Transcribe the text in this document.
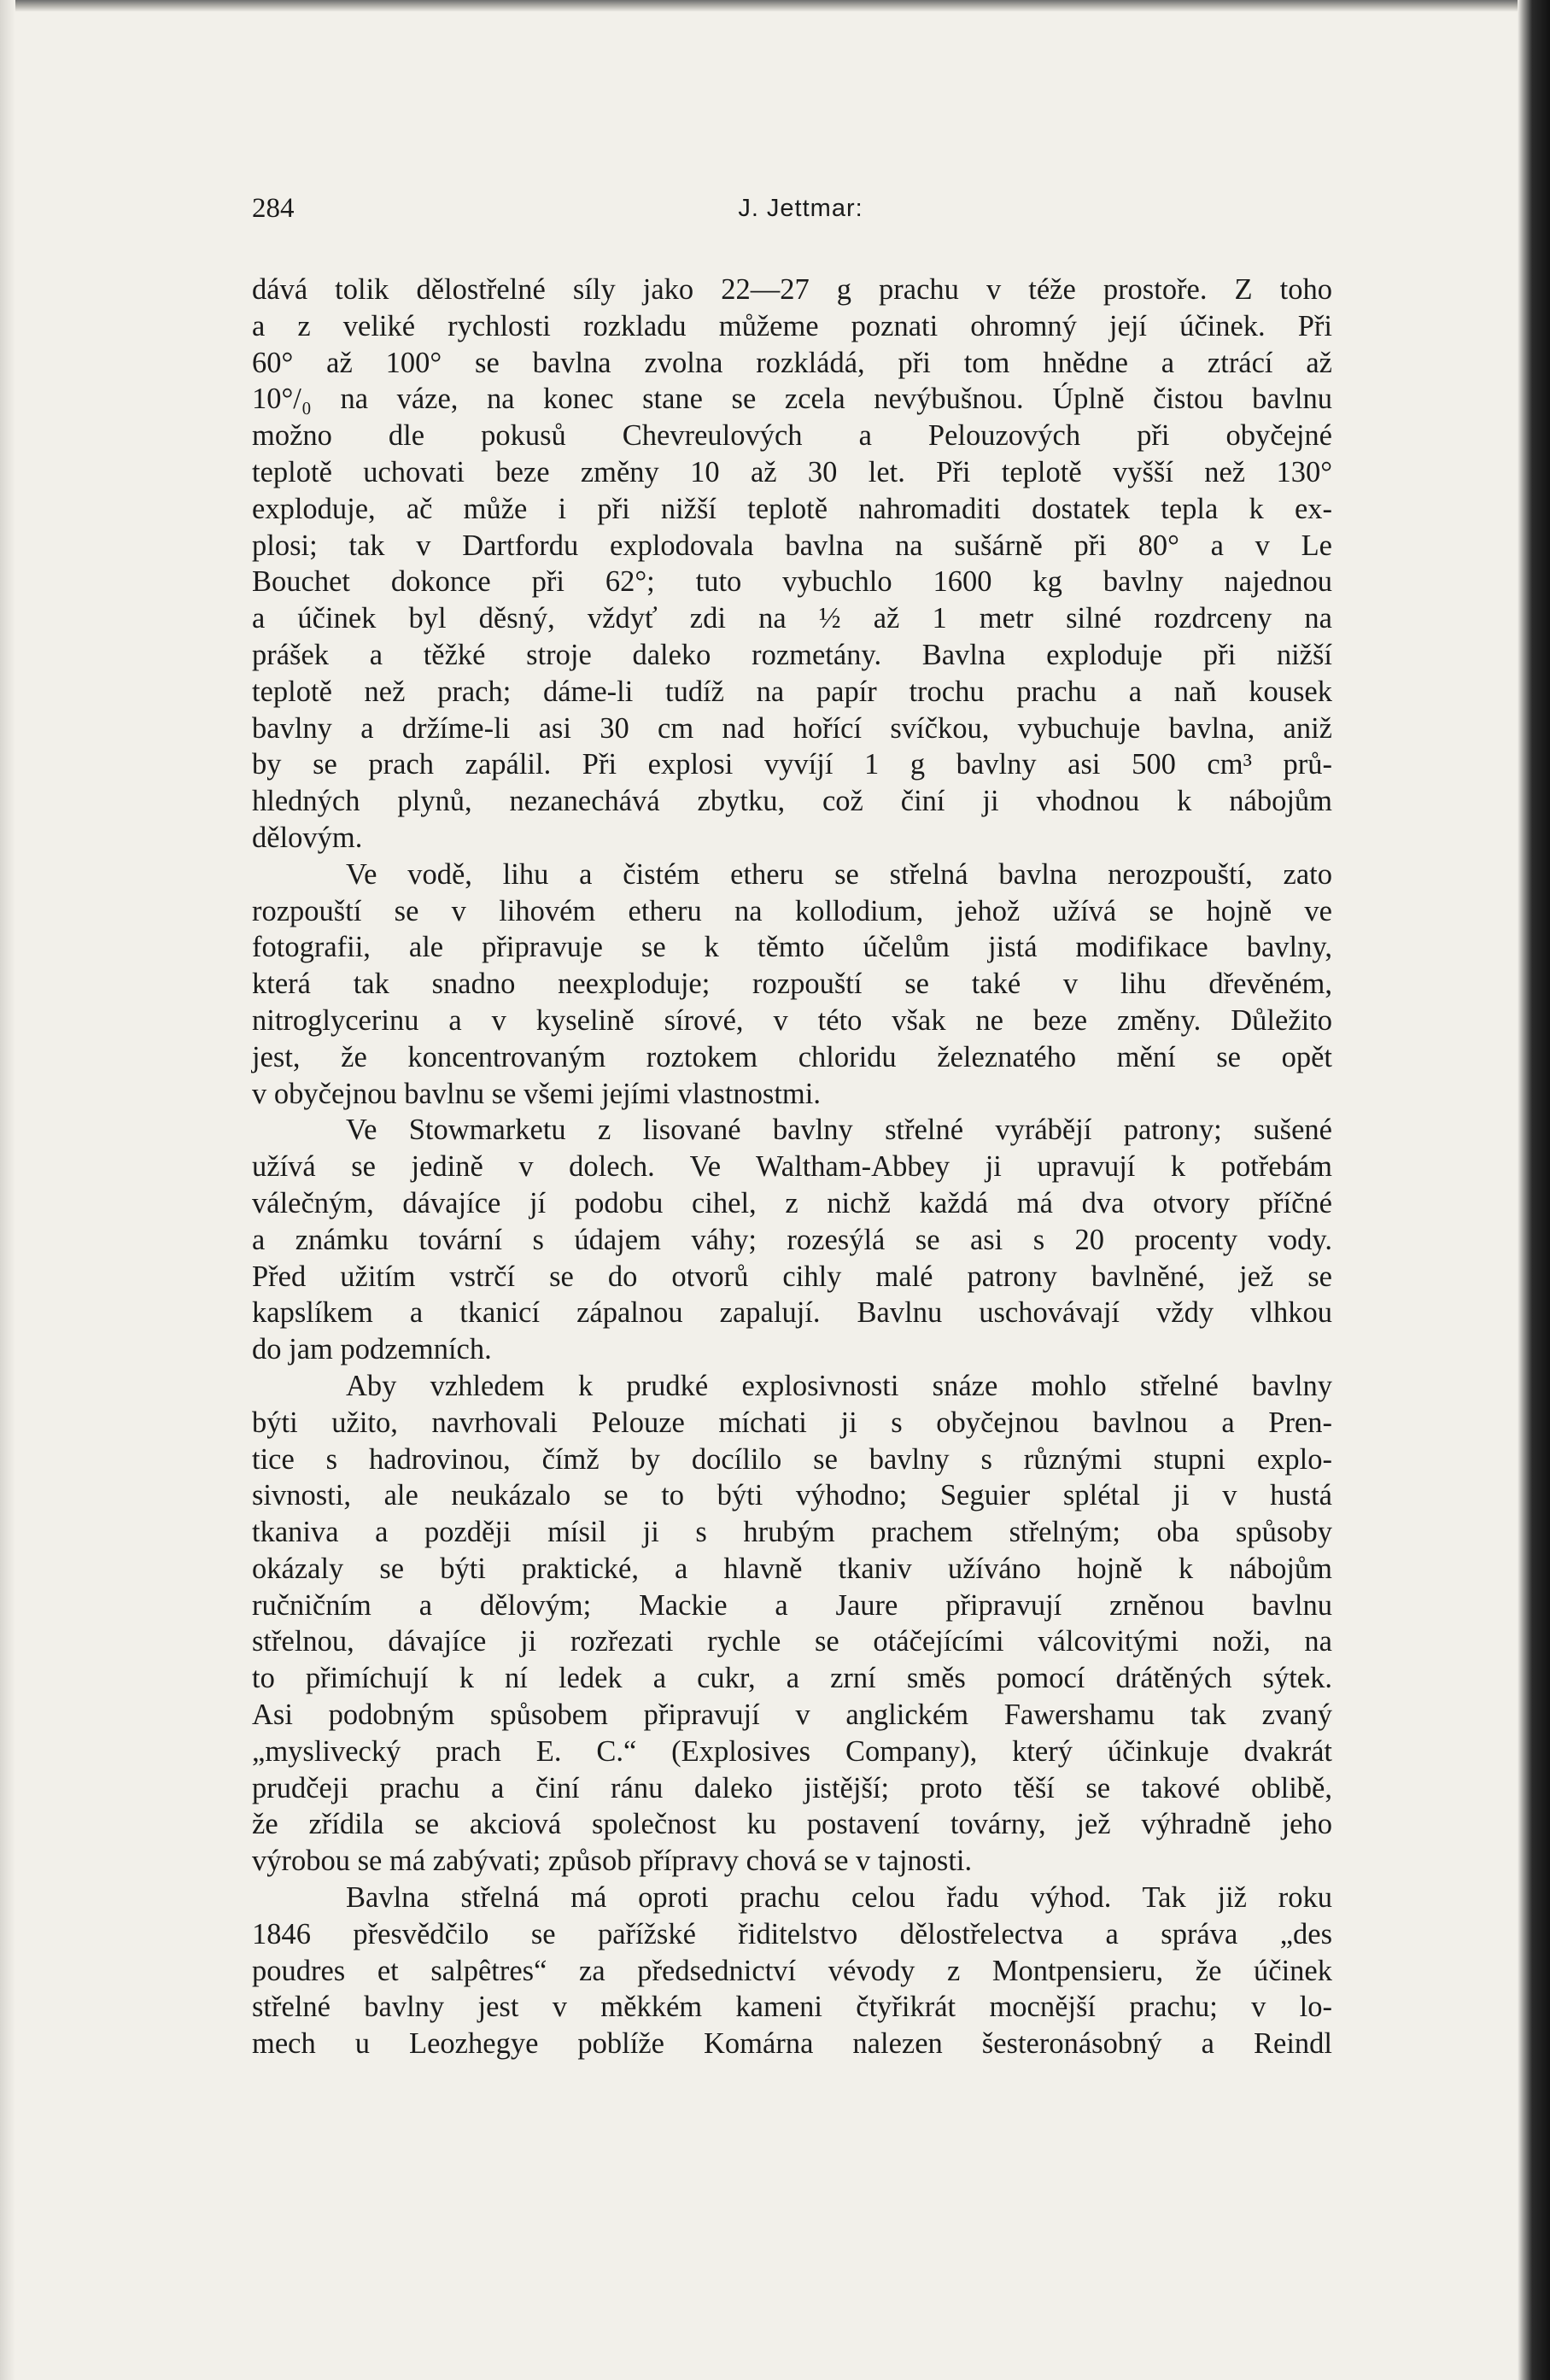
284	J. Jettmar:

dává tolik dělostřelné síly jako 22—27 g prachu v téže prostoře. Z toho
a z veliké rychlosti rozkladu můžeme poznati ohromný její účinek. Při
60° až 100° se bavlna zvolna rozkládá, při tom hnědne a ztrácí až
10°/₀ na váze, na konec stane se zcela nevýbušnou. Úplně čistou bavlnu
možno dle pokusů Chevreulových a Pelouzových při obyčejné
teplotě uchovati beze změny 10 až 30 let. Při teplotě vyšší než 130°
exploduje, ač může i při nižší teplotě nahromaditi dostatek tepla k ex-
plosi; tak v Dartfordu explodovala bavlna na sušárně při 80° a v Le
Bouchet dokonce při 62°; tuto vybuchlo 1600 kg bavlny najednou
a účinek byl děsný, vždyť zdi na ½ až 1 metr silné rozdrceny na
prášek a těžké stroje daleko rozmetány. Bavlna exploduje při nižší
teplotě než prach; dáme-li tudíž na papír trochu prachu a naň kousek
bavlny a držíme-li asi 30 cm nad hořící svíčkou, vybuchuje bavlna, aniž
by se prach zapálil. Při explosi vyvíjí 1 g bavlny asi 500 cm³ prů-
hledných plynů, nezanechává zbytku, což činí ji vhodnou k nábojům
dělovým.

Ve vodě, lihu a čistém etheru se střelná bavlna nerozpouští, zato
rozpouští se v lihovém etheru na kollodium, jehož užívá se hojně ve
fotografii, ale připravuje se k těmto účelům jistá modifikace bavlny,
která tak snadno neexploduje; rozpouští se také v lihu dřevěném,
nitroglycerinu a v kyselině sírové, v této však ne beze změny. Důležito
jest, že koncentrovaným roztokem chloridu železnatého mění se opět
v obyčejnou bavlnu se všemi jejími vlastnostmi.

Ve Stowmarketu z lisované bavlny střelné vyrábějí patrony; sušené
užívá se jedině v dolech. Ve Waltham-Abbey ji upravují k potřebám
válečným, dávajíce jí podobu cihel, z nichž každá má dva otvory příčné
a známku tovární s údajem váhy; rozesýlá se asi s 20 procenty vody.
Před užitím vstrčí se do otvorů cihly malé patrony bavlněné, jež se
kapslíkem a tkanicí zápalnou zapalují. Bavlnu uschovávají vždy vlhkou
do jam podzemních.

Aby vzhledem k prudké explosivnosti snáze mohlo střelné bavlny
býti užito, navrhovali Pelouze míchati ji s obyčejnou bavlnou a Pren-
tice s hadrovinou, čímž by docílilo se bavlny s různými stupni explo-
sivnosti, ale neukázalo se to býti výhodno; Seguier splétal ji v hustá
tkaniva a později mísil ji s hrubým prachem střelným; oba spůsoby
okázaly se býti praktické, a hlavně tkaniv užíváno hojně k nábojům
ručničním a dělovým; Mackie a Jaure připravují zrněnou bavlnu
střelnou, dávajíce ji rozřezati rychle se otáčejícími válcovitými noži, na
to přimíchují k ní ledek a cukr, a zrní směs pomocí drátěných sýtek.
Asi podobným spůsobem připravují v anglickém Fawershamu tak zvaný
„myslivecký prach E. C.“ (Explosives Company), který účinkuje dvakrát
prudčeji prachu a činí ránu daleko jistější; proto těší se takové oblibě,
že zřídila se akciová společnost ku postavení továrny, jež výhradně jeho
výrobou se má zabývati; způsob přípravy chová se v tajnosti.

Bavlna střelná má oproti prachu celou řadu výhod. Tak již roku
1846 přesvědčilo se pařížské řiditelstvo dělostřelectva a správa „des
poudres et salpêtres“ za předsednictví vévody z Montpensieru, že účinek
střelné bavlny jest v měkkém kameni čtyřikrát mocnější prachu; v lo-
mech u Leozhegye poblíže Komárna nalezen šesteronásobný a Reindl
